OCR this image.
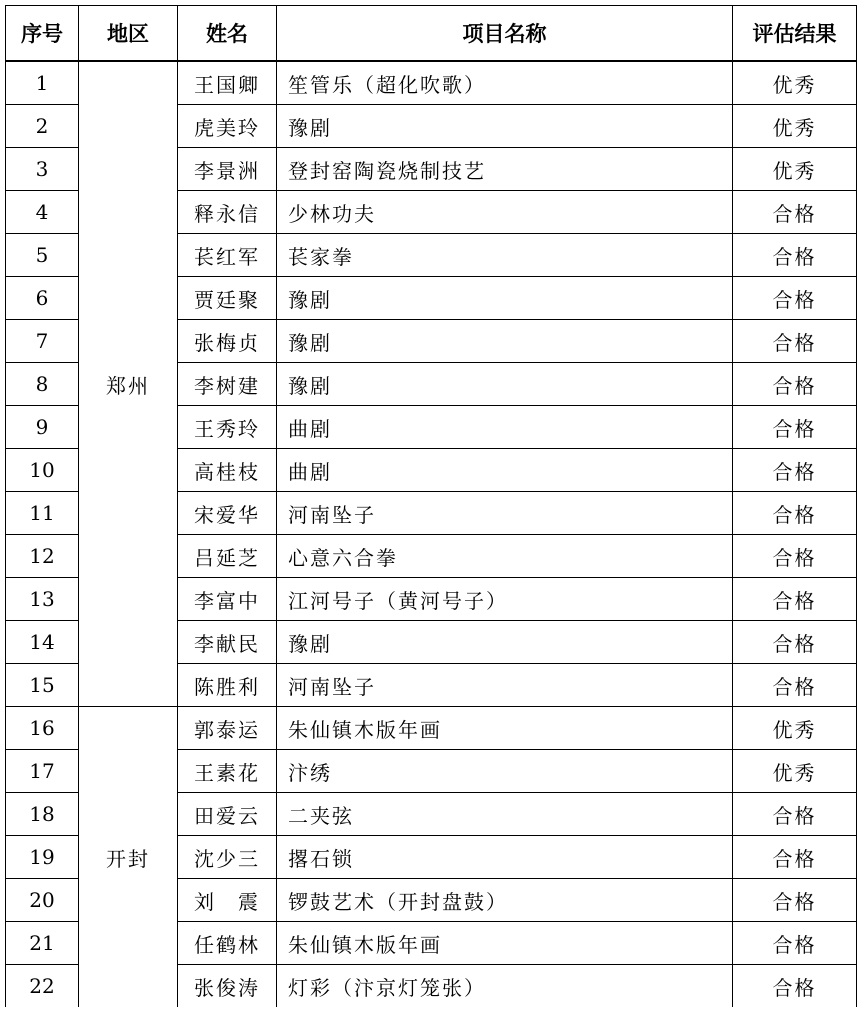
序号	地区	姓名	项目名称	评估结果
1	郑州	王国卿	笙管乐（超化吹歌）	优秀
2		虎美玲	豫剧	优秀
3		李景洲	登封窑陶瓷烧制技艺	优秀
4		释永信	少林功夫	合格
5		苌红军	苌家拳	合格
6		贾廷聚	豫剧	合格
7		张梅贞	豫剧	合格
8		李树建	豫剧	合格
9		王秀玲	曲剧	合格
10		高桂枝	曲剧	合格
11		宋爱华	河南坠子	合格
12		吕延芝	心意六合拳	合格
13		李富中	江河号子（黄河号子）	合格
14		李献民	豫剧	合格
15		陈胜利	河南坠子	合格
16	开封	郭泰运	朱仙镇木版年画	优秀
17		王素花	汴绣	优秀
18		田爱云	二夹弦	合格
19		沈少三	撂石锁	合格
20		刘　震	锣鼓艺术（开封盘鼓）	合格
21		任鹤林	朱仙镇木版年画	合格
22		张俊涛	灯彩（汴京灯笼张）	合格
